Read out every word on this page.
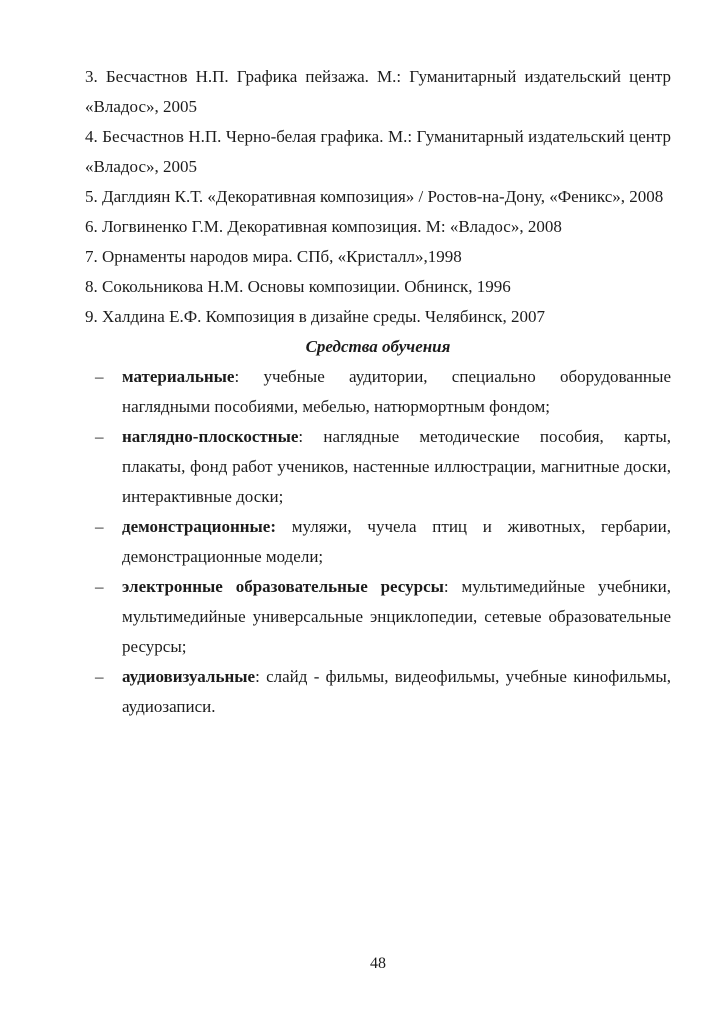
3. Бесчастнов Н.П. Графика пейзажа. М.: Гуманитарный издательский центр «Владос», 2005

4. Бесчастнов Н.П. Черно-белая графика. М.: Гуманитарный издательский центр «Владос», 2005

5. Даглдиян К.Т. «Декоративная композиция» / Ростов-на-Дону, «Феникс», 2008

6. Логвиненко Г.М. Декоративная композиция. М: «Владос», 2008

7. Орнаменты народов мира. СПб, «Кристалл»,1998

8. Сокольникова Н.М. Основы композиции. Обнинск, 1996

9. Халдина Е.Ф. Композиция в дизайне среды. Челябинск, 2007

Средства обучения
– материальные: учебные аудитории, специально оборудованные наглядными пособиями, мебелью, натюрмортным фондом;
– наглядно-плоскостные: наглядные методические пособия, карты, плакаты, фонд работ учеников, настенные иллюстрации, магнитные доски, интерактивные доски;
– демонстрационные: муляжи, чучела птиц и животных, гербарии, демонстрационные модели;
– электронные образовательные ресурсы: мультимедийные учебники, мультимедийные универсальные энциклопедии, сетевые образовательные ресурсы;
– аудиовизуальные: слайд - фильмы, видеофильмы, учебные кинофильмы, аудиозаписи.
48
